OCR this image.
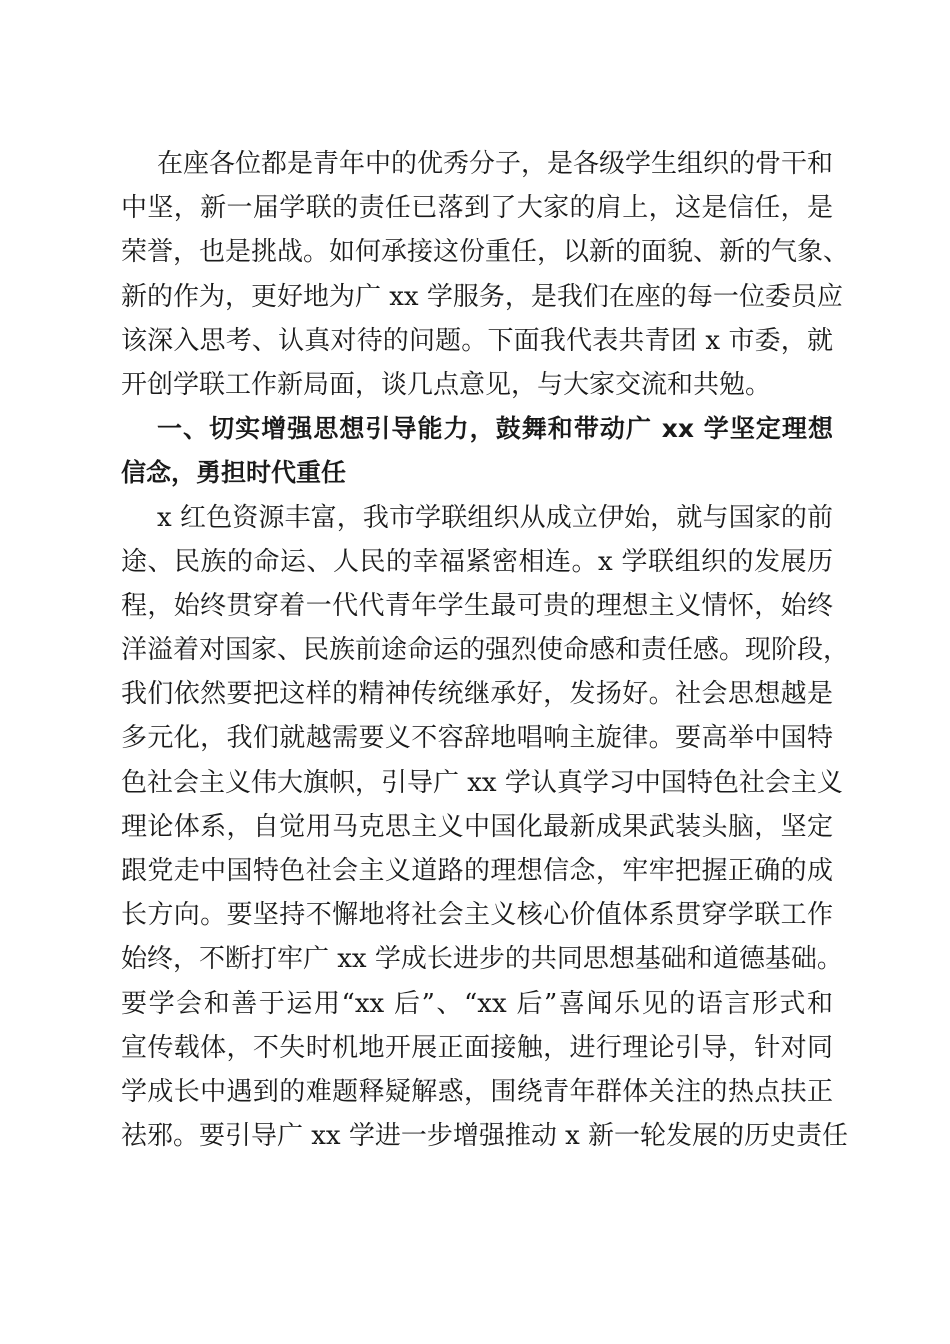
在座各位都是青年中的优秀分子，是各级学生组织的骨干和
中坚，新一届学联的责任已落到了大家的肩上，这是信任，是
荣誉，也是挑战。如何承接这份重任，以新的面貌、新的气象、
新的作为，更好地为广 xx 学服务，是我们在座的每一位委员应
该深入思考、认真对待的问题。下面我代表共青团 x 市委，就
开创学联工作新局面，谈几点意见，与大家交流和共勉。
一、切实增强思想引导能力，鼓舞和带动广 xx 学坚定理想
信念，勇担时代重任
x 红色资源丰富，我市学联组织从成立伊始，就与国家的前
途、民族的命运、人民的幸福紧密相连。x 学联组织的发展历
程，始终贯穿着一代代青年学生最可贵的理想主义情怀，始终
洋溢着对国家、民族前途命运的强烈使命感和责任感。现阶段，
我们依然要把这样的精神传统继承好，发扬好。社会思想越是
多元化，我们就越需要义不容辞地唱响主旋律。要高举中国特
色社会主义伟大旗帜，引导广 xx 学认真学习中国特色社会主义
理论体系，自觉用马克思主义中国化最新成果武装头脑，坚定
跟党走中国特色社会主义道路的理想信念，牢牢把握正确的成
长方向。要坚持不懈地将社会主义核心价值体系贯穿学联工作
始终，不断打牢广 xx 学成长进步的共同思想基础和道德基础。
要学会和善于运用“xx 后”、“xx 后”喜闻乐见的语言形式和
宣传载体，不失时机地开展正面接触，进行理论引导，针对同
学成长中遇到的难题释疑解惑，围绕青年群体关注的热点扶正
祛邪。要引导广 xx 学进一步增强推动 x 新一轮发展的历史责任
